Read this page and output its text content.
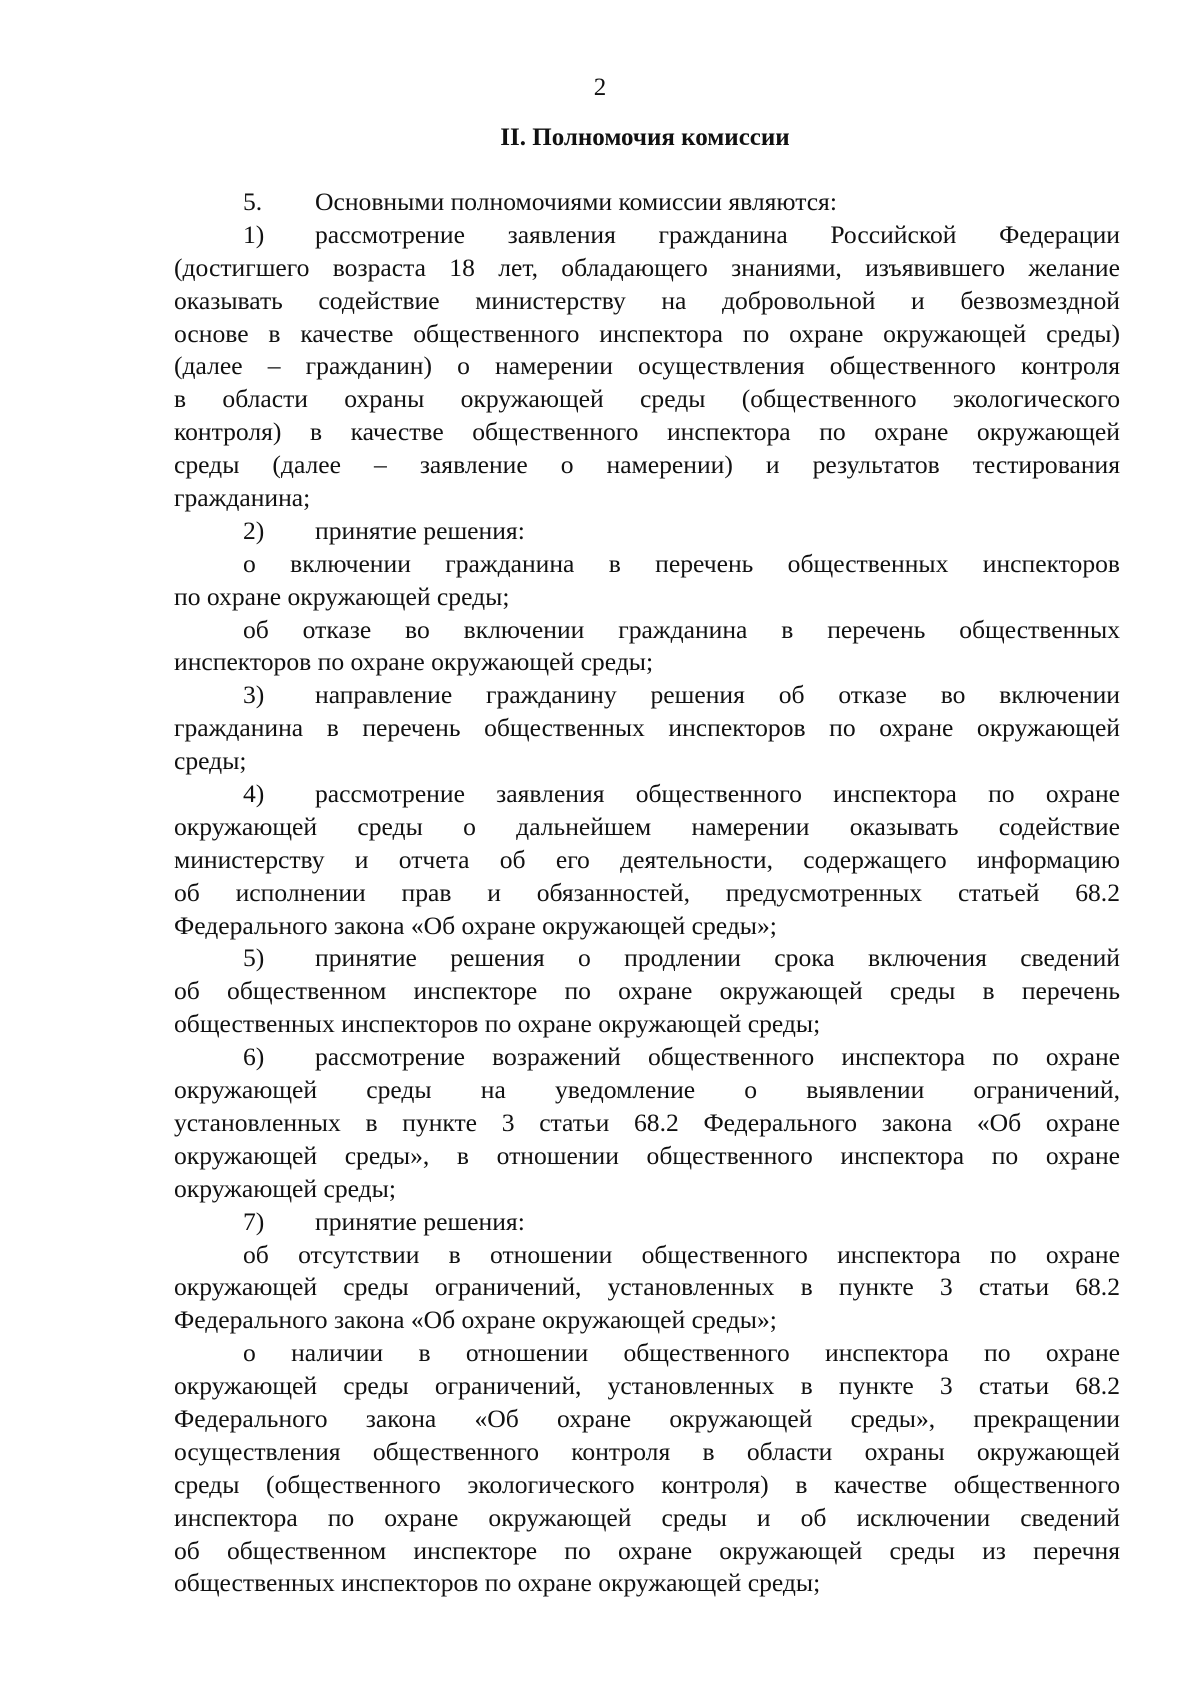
2
II. Полномочия комиссии
5. Основными полномочиями комиссии являются:
1) рассмотрение заявления гражданина Российской Федерации
(достигшего возраста 18 лет, обладающего знаниями, изъявившего желание
оказывать содействие министерству на добровольной и безвозмездной
основе в качестве общественного инспектора по охране окружающей среды)
(далее – гражданин) о намерении осуществления общественного контроля
в области охраны окружающей среды (общественного экологического
контроля) в качестве общественного инспектора по охране окружающей
среды (далее – заявление о намерении) и результатов тестирования
гражданина;
2) принятие решения:
о включении гражданина в перечень общественных инспекторов
по охране окружающей среды;
об отказе во включении гражданина в перечень общественных
инспекторов по охране окружающей среды;
3) направление гражданину решения об отказе во включении
гражданина в перечень общественных инспекторов по охране окружающей
среды;
4) рассмотрение заявления общественного инспектора по охране
окружающей среды о дальнейшем намерении оказывать содействие
министерству и отчета об его деятельности, содержащего информацию
об исполнении прав и обязанностей, предусмотренных статьей 68.2
Федерального закона «Об охране окружающей среды»;
5) принятие решения о продлении срока включения сведений
об общественном инспекторе по охране окружающей среды в перечень
общественных инспекторов по охране окружающей среды;
6) рассмотрение возражений общественного инспектора по охране
окружающей среды на уведомление о выявлении ограничений,
установленных в пункте 3 статьи 68.2 Федерального закона «Об охране
окружающей среды», в отношении общественного инспектора по охране
окружающей среды;
7) принятие решения:
об отсутствии в отношении общественного инспектора по охране
окружающей среды ограничений, установленных в пункте 3 статьи 68.2
Федерального закона «Об охране окружающей среды»;
о наличии в отношении общественного инспектора по охране
окружающей среды ограничений, установленных в пункте 3 статьи 68.2
Федерального закона «Об охране окружающей среды», прекращении
осуществления общественного контроля в области охраны окружающей
среды (общественного экологического контроля) в качестве общественного
инспектора по охране окружающей среды и об исключении сведений
об общественном инспекторе по охране окружающей среды из перечня
общественных инспекторов по охране окружающей среды;
